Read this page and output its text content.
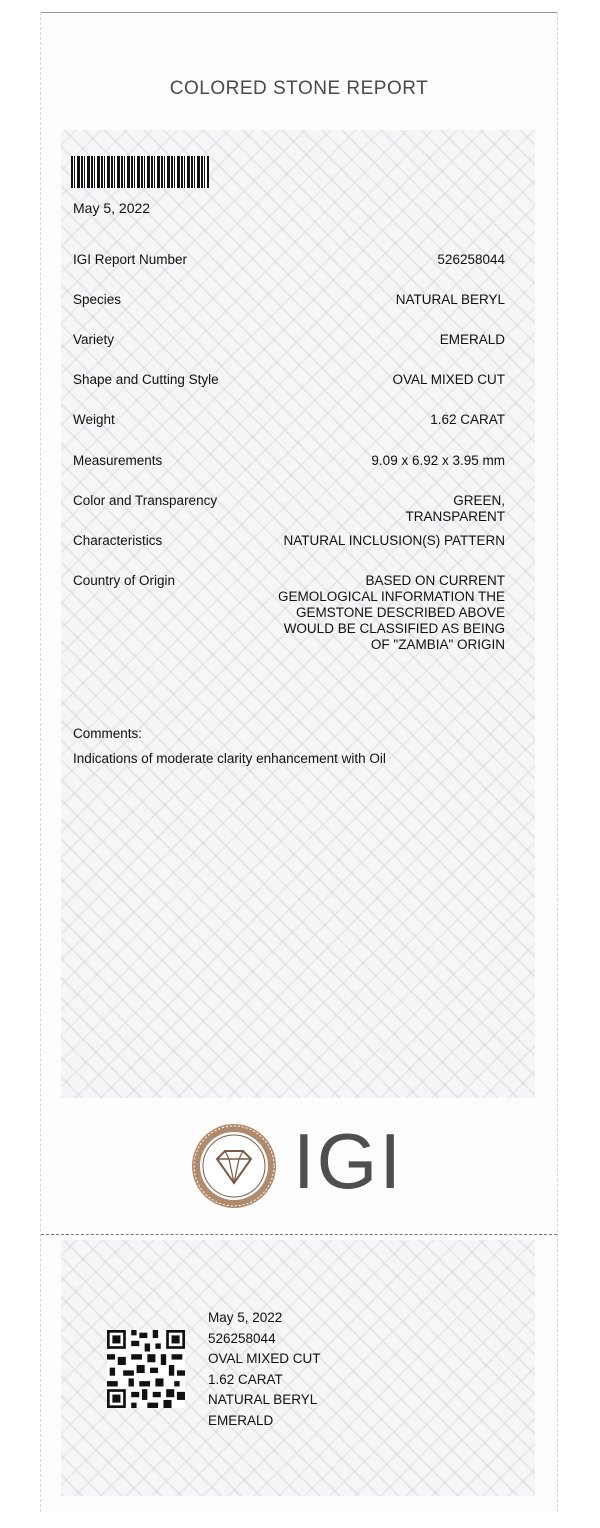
COLORED STONE REPORT
May 5, 2022
IGI Report Number	526258044
Species	NATURAL BERYL
Variety	EMERALD
Shape and Cutting Style	OVAL MIXED CUT
Weight	1.62 CARAT
Measurements	9.09 x 6.92 x 3.95 mm
Color and Transparency	GREEN,
TRANSPARENT
Characteristics	NATURAL INCLUSION(S) PATTERN
Country of Origin	BASED ON CURRENT
GEMOLOGICAL INFORMATION THE
GEMSTONE DESCRIBED ABOVE
WOULD BE CLASSIFIED AS BEING
OF "ZAMBIA" ORIGIN
Comments:
Indications of moderate clarity enhancement with Oil
IGI
May 5, 2022
526258044
OVAL MIXED CUT
1.62 CARAT
NATURAL BERYL
EMERALD
